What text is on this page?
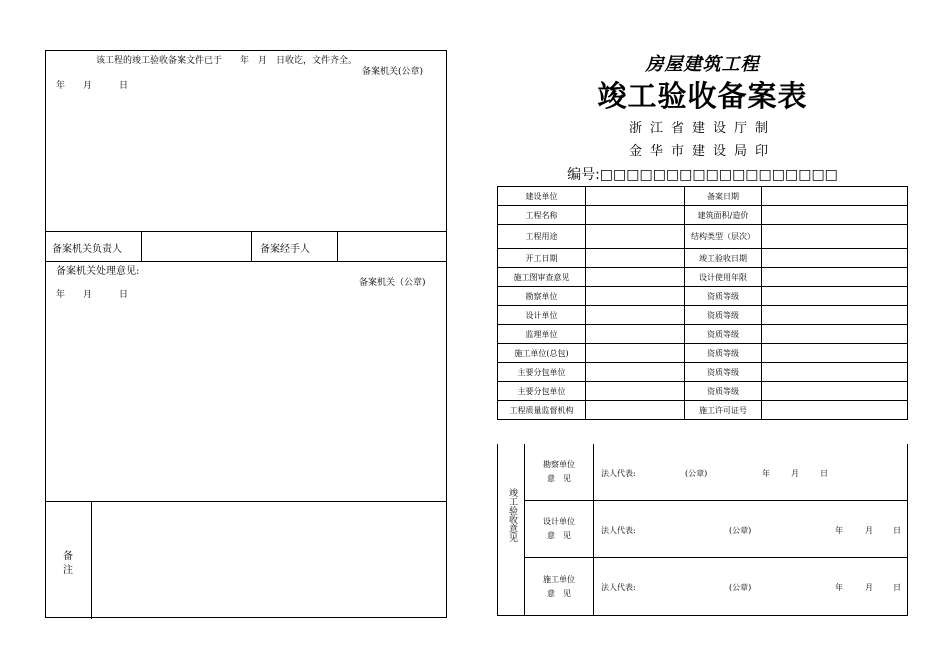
该工程的竣工验收备案文件已于　　年　月　日收讫，文件齐全。
备案机关(公章)
年　　月　　　日
备案机关负责人	备案经手人
备案机关处理意见:
备案机关（公章)
年　　月　　　日
备
注
房屋建筑工程
竣工验收备案表
浙江省建设厅制
金华市建设局印
编号:□□□□□□□□□□□□□□□□□□
建设单位		备案日期	
工程名称		建筑面积/造价	
工程用途		结构类型（层次）	
开工日期		竣工验收日期	
施工图审查意见		设计使用年限	
勘察单位		资质等级	
设计单位		资质等级	
监理单位		资质等级	
施工单位(总包)		资质等级	
主要分包单位		资质等级	
主要分包单位		资质等级	
工程质量监督机构		施工许可证号	
竣工验收意见
勘察单位
意　见
法人代表:	(公章)	年	月	日
设计单位
意　见
法人代表:	(公章)	年	月	日
施工单位
意　见
法人代表:	(公章)	年	月	日
